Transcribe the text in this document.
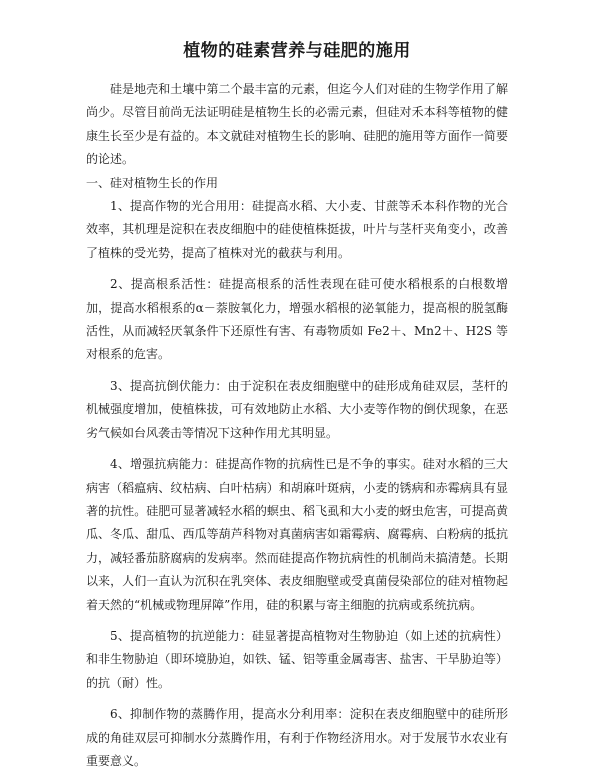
植物的硅素营养与硅肥的施用

硅是地壳和土壤中第二个最丰富的元素，但迄今人们对硅的生物学作用了解尚少。尽管目前尚无法证明硅是植物生长的必需元素，但硅对禾本科等植物的健康生长至少是有益的。本文就硅对植物生长的影响、硅肥的施用等方面作一简要的论述。

一、硅对植物生长的作用

1、提高作物的光合用用：硅提高水稻、大小麦、甘蔗等禾本科作物的光合效率，其机理是淀积在表皮细胞中的硅使植株挺拔，叶片与茎杆夹角变小，改善了植株的受光势，提高了植株对光的截获与利用。

2、提高根系活性：硅提高根系的活性表现在硅可使水稻根系的白根数增加，提高水稻根系的α－萘胺氧化力，增强水稻根的泌氧能力，提高根的脱氢酶活性，从而减轻厌氧条件下还原性有害、有毒物质如 Fe2＋、Mn2＋、H2S 等对根系的危害。

3、提高抗倒伏能力：由于淀积在表皮细胞壁中的硅形成角硅双层，茎杆的机械强度增加，使植株拔，可有效地防止水稻、大小麦等作物的倒伏现象，在恶劣气候如台风袭击等情况下这种作用尤其明显。

4、增强抗病能力：硅提高作物的抗病性已是不争的事实。硅对水稻的三大病害（稻瘟病、纹枯病、白叶枯病）和胡麻叶斑病，小麦的锈病和赤霉病具有显著的抗性。硅肥可显著减轻水稻的螟虫、稻飞虱和大小麦的蚜虫危害，可提高黄瓜、冬瓜、甜瓜、西瓜等葫芦科物对真菌病害如霜霉病、腐霉病、白粉病的抵抗力，减轻番茄脐腐病的发病率。然而硅提高作物抗病性的机制尚未搞清楚。长期以来，人们一直认为沉积在乳突体、表皮细胞壁或受真菌侵染部位的硅对植物起着天然的“机械或物理屏障”作用，硅的积累与寄主细胞的抗病或系统抗病。

5、提高植物的抗逆能力：硅显著提高植物对生物胁迫（如上述的抗病性）和非生物胁迫（即环境胁迫，如铁、锰、铝等重金属毒害、盐害、干旱胁迫等）的抗（耐）性。

6、抑制作物的蒸腾作用，提高水分利用率：淀积在表皮细胞壁中的硅所形成的角硅双层可抑制水分蒸腾作用，有利于作物经济用水。对于发展节水农业有重要意义。
